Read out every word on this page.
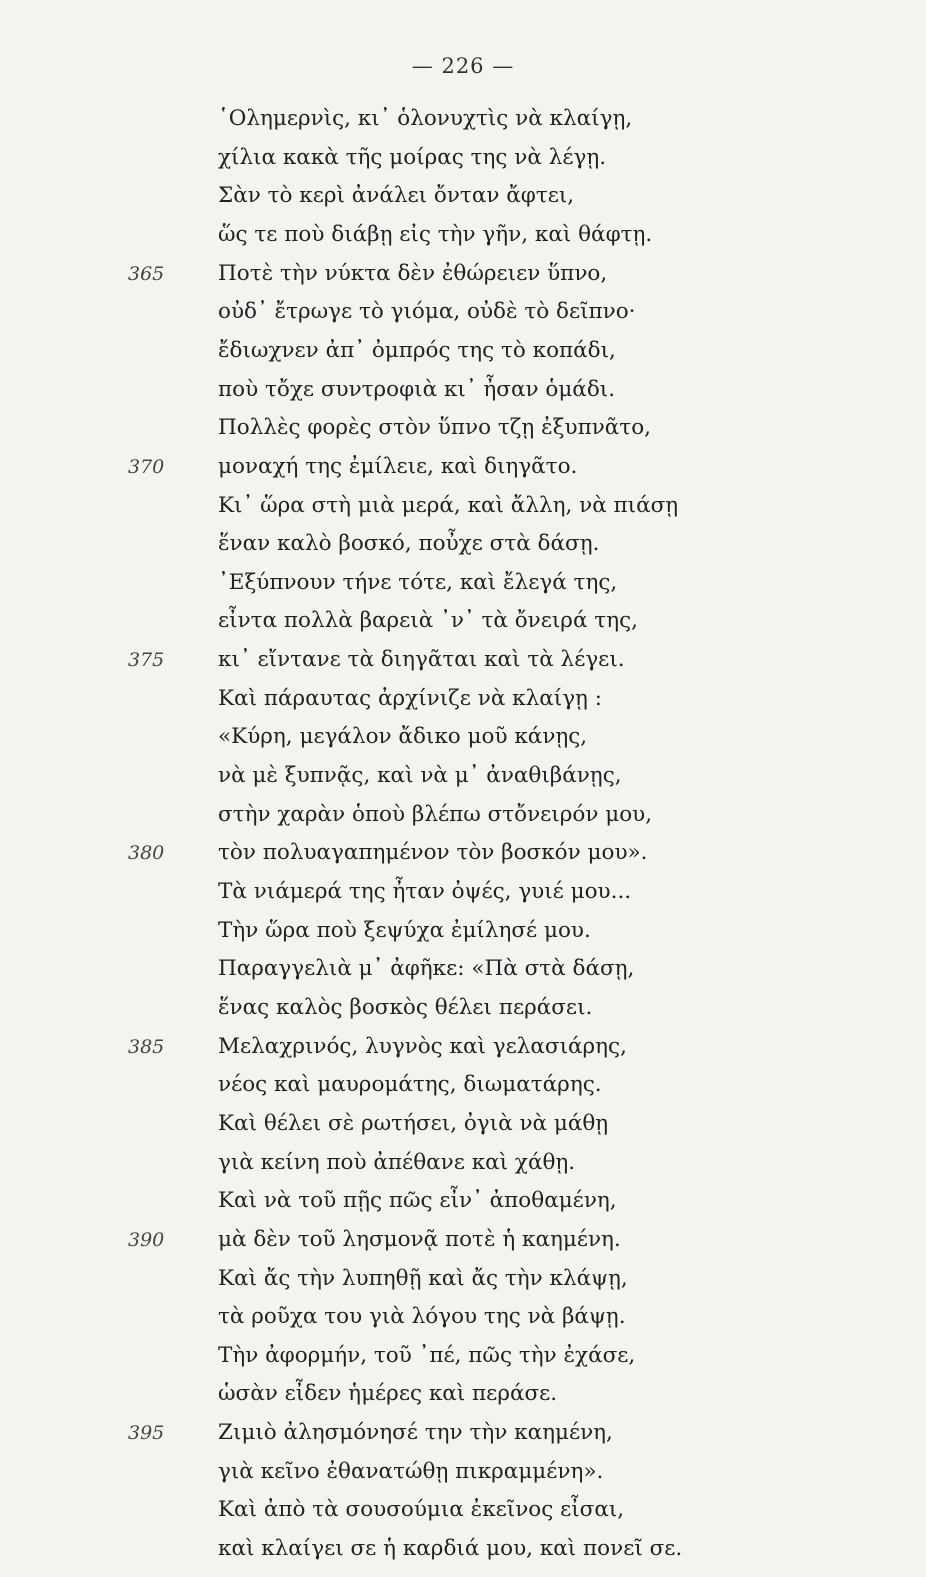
— 226 —
῾Ολημερνὶς, κι᾽ ὁλονυχτὶς νὰ κλαίγῃ,
χίλια κακὰ τῆς μοίρας της νὰ λέγῃ.
Σὰν τὸ κερὶ ἀνάλει ὄνταν ἄφτει,
ὥς τε ποὺ διάβῃ εἰς τὴν γῆν, καὶ θάφτῃ.
365	Ποτὲ τὴν νύκτα δὲν ἐθώρειεν ὕπνο,
οὐδ᾽ ἔτρωγε τὸ γιόμα, οὐδὲ τὸ δεῖπνο·
ἔδιωχνεν ἀπ᾽ ὀμπρός της τὸ κοπάδι,
ποὺ τὄχε συντροφιὰ κι᾽ ἦσαν ὁμάδι.
Πολλὲς φορὲς στὸν ὕπνο τζῃ ἐξυπνᾶτο,
370	μοναχή της ἐμίλειε, καὶ διηγᾶτο.
Κι᾽ ὥρα στὴ μιὰ μερά, καὶ ἄλλη, νὰ πιάσῃ
ἕναν καλὸ βοσκό, ποὖχε στὰ δάσῃ.
᾽Εξύπνουν τήνε τότε, καὶ ἔλεγά της,
εἶντα πολλὰ βαρειὰ ᾽ν᾽ τὰ ὄνειρά της,
375	κι᾽ εἴντανε τὰ διηγᾶται καὶ τὰ λέγει.
Καὶ πάραυτας ἀρχίνιζε νὰ κλαίγῃ :
«Κύρη, μεγάλον ἄδικο μοῦ κάνῃς,
νὰ μὲ ξυπνᾷς, καὶ νὰ μ᾽ ἀναθιβάνῃς,
στὴν χαρὰν ὁποὺ βλέπω στὄνειρόν μου,
380	τὸν πολυαγαπημένον τὸν βοσκόν μου».
Τὰ νιάμερά της ἦταν ὀψές, γυιέ μου...
Τὴν ὥρα ποὺ ξεψύχα ἐμίλησέ μου.
Παραγγελιὰ μ᾽ ἀφῆκε: «Πὰ στὰ δάσῃ,
ἕνας καλὸς βοσκὸς θέλει περάσει.
385	Μελαχρινός, λυγνὸς καὶ γελασιάρης,
νέος καὶ μαυρομάτης, διωματάρης.
Καὶ θέλει σὲ ρωτήσει, ὀγιὰ νὰ μάθῃ
γιὰ κείνη ποὺ ἀπέθανε καὶ χάθῃ.
Καὶ νὰ τοῦ πῇς πῶς εἶν᾽ ἀποθαμένη,
390	μὰ δὲν τοῦ λησμονᾷ ποτὲ ἡ καημένη.
Καὶ ἄς τὴν λυπηθῇ καὶ ἄς τὴν κλάψῃ,
τὰ ροῦχα του γιὰ λόγου της νὰ βάψῃ.
Τὴν ἀφορμήν, τοῦ ᾽πέ, πῶς τὴν ἐχάσε,
ὡσὰν εἶδεν ἡμέρες καὶ περάσε.
395	Ζιμιὸ ἀλησμόνησέ την τὴν καημένη,
γιὰ κεῖνο ἐθανατώθῃ πικραμμένη».
Καὶ ἀπὸ τὰ σουσούμια ἐκεῖνος εἶσαι,
καὶ κλαίγει σε ἡ καρδιά μου, καὶ πονεῖ σε.
